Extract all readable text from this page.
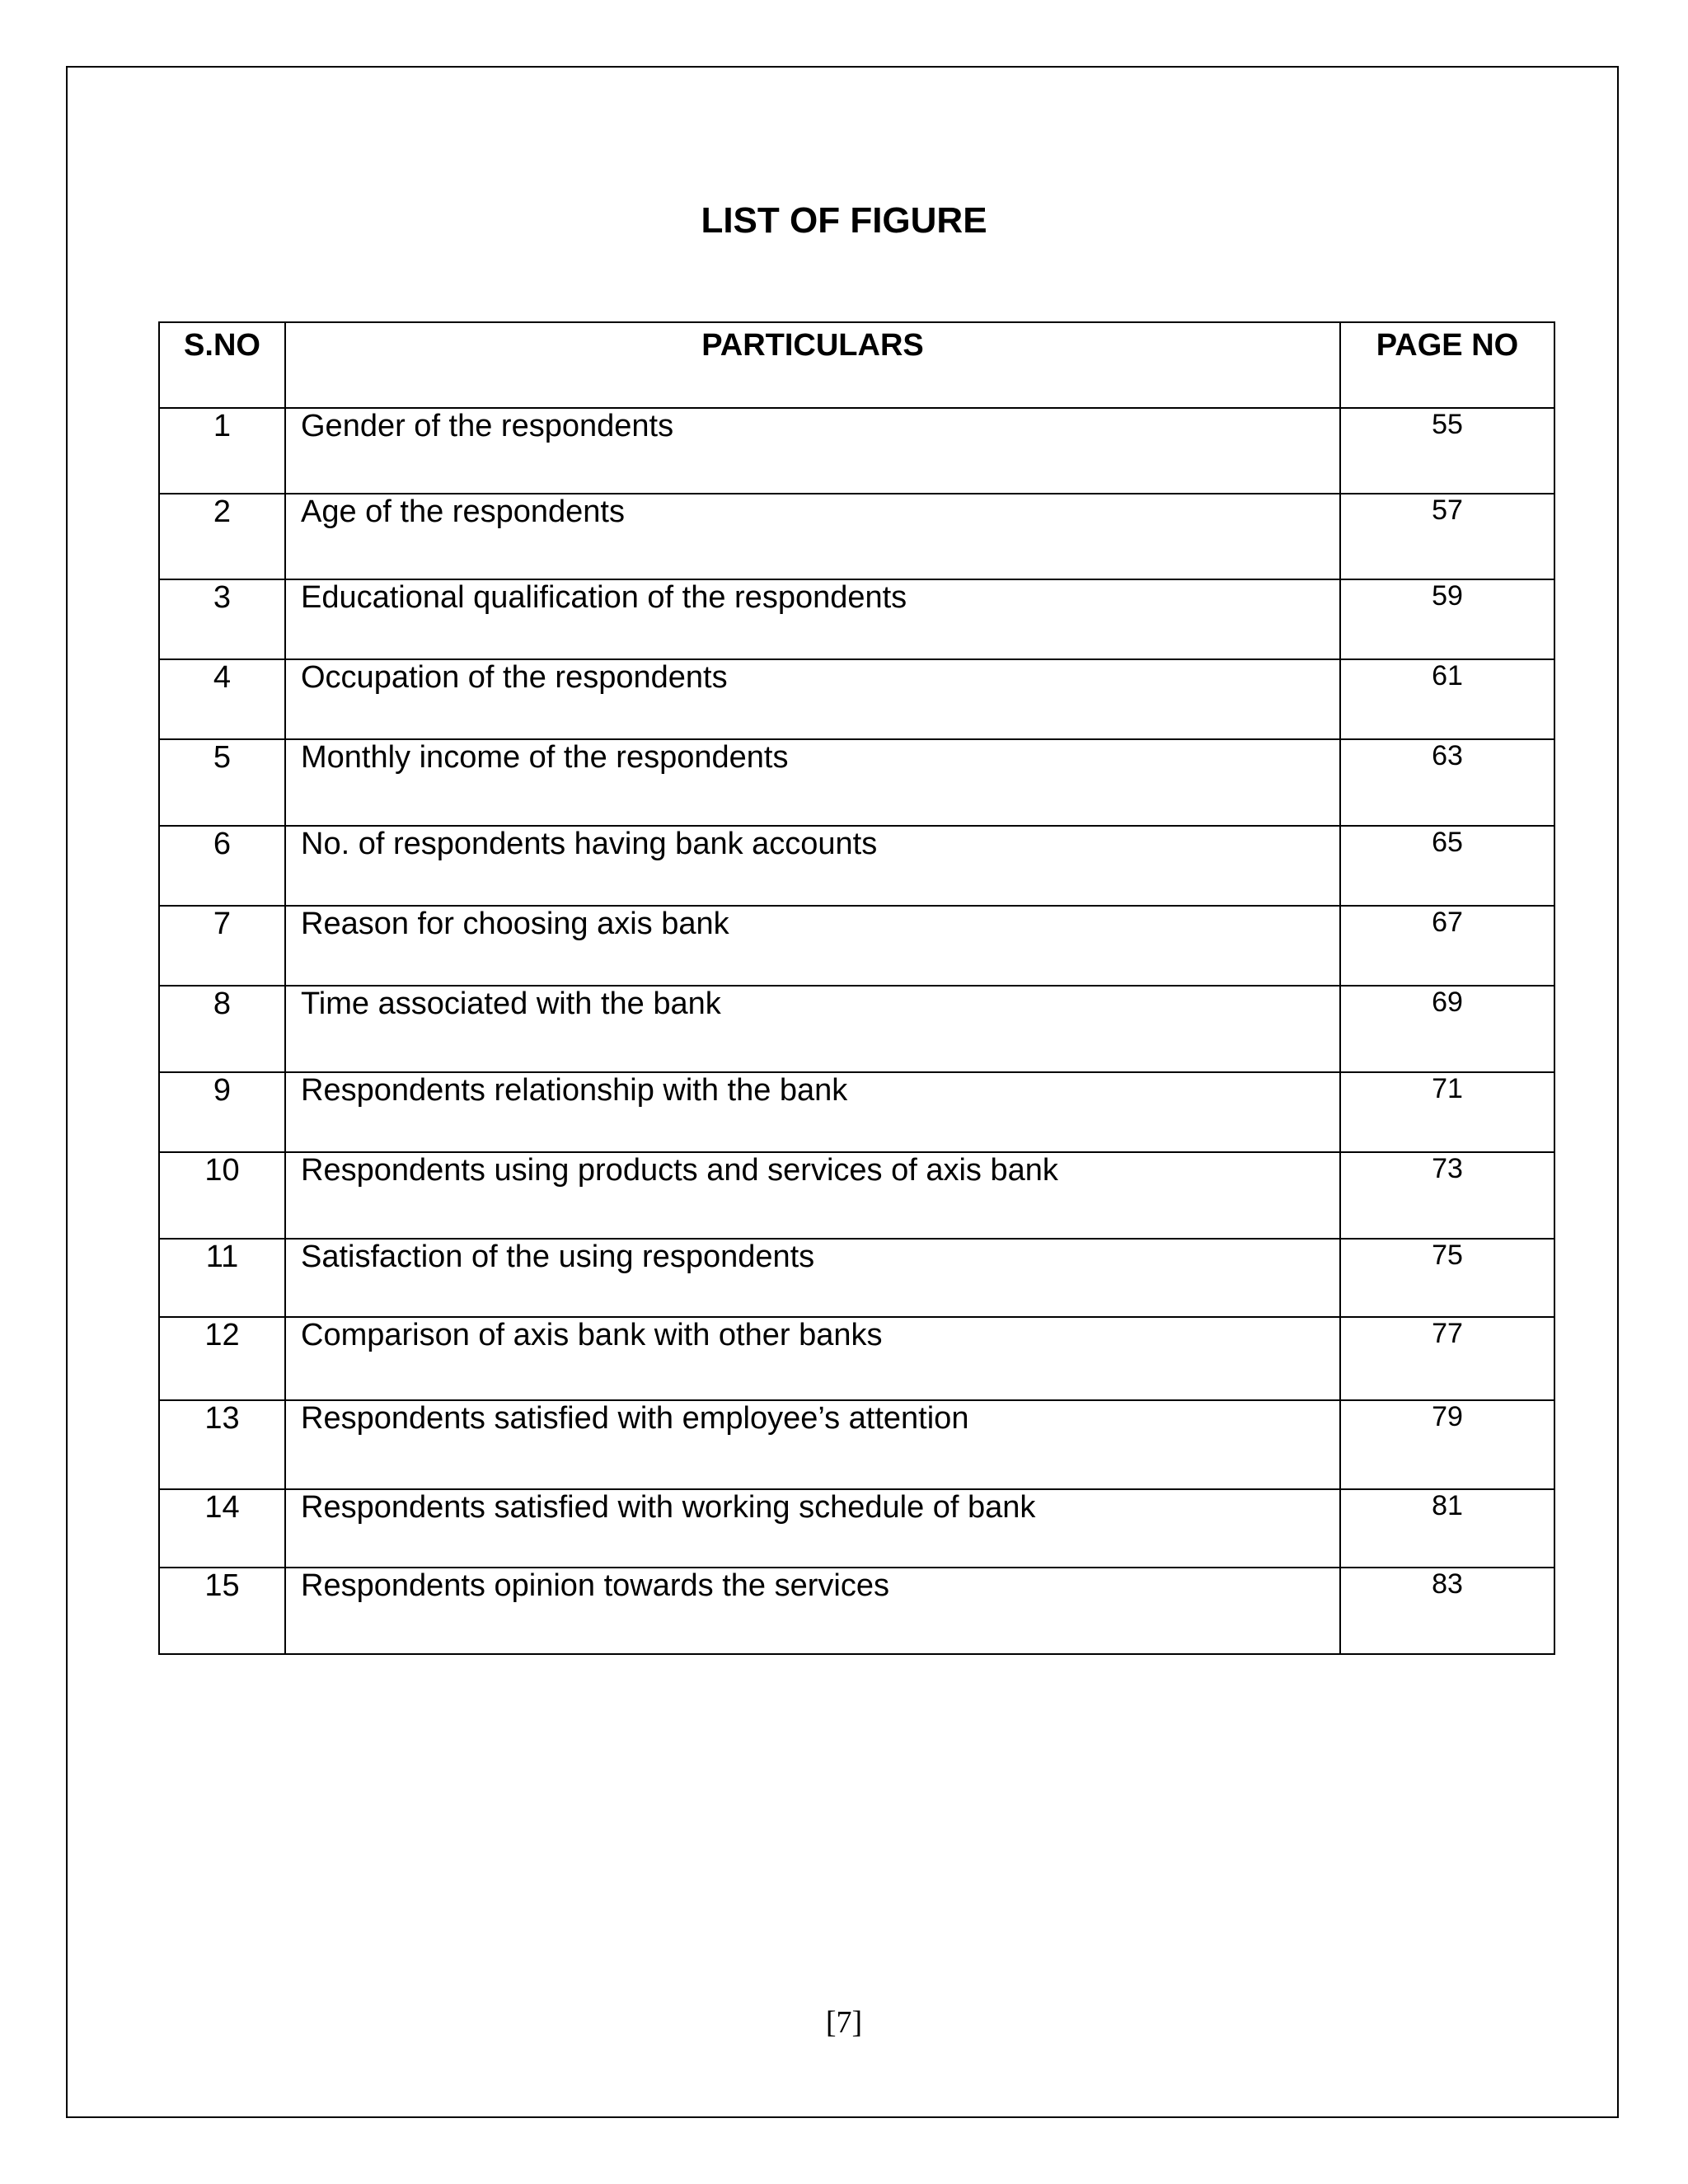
LIST OF FIGURE
S.NO	PARTICULARS	PAGE NO
1	Gender of the respondents	55
2	Age of the respondents	57
3	Educational qualification of the respondents	59
4	Occupation of the respondents	61
5	Monthly income of the respondents	63
6	No. of respondents having bank accounts	65
7	Reason for choosing axis bank	67
8	Time associated with the bank	69
9	Respondents relationship with the bank	71
10	Respondents using products and services of axis bank	73
11	Satisfaction of the using respondents	75
12	Comparison of axis bank with other banks	77
13	Respondents satisfied with employee’s attention	79
14	Respondents satisfied with working schedule of bank	81
15	Respondents opinion towards the services	83
[7]
